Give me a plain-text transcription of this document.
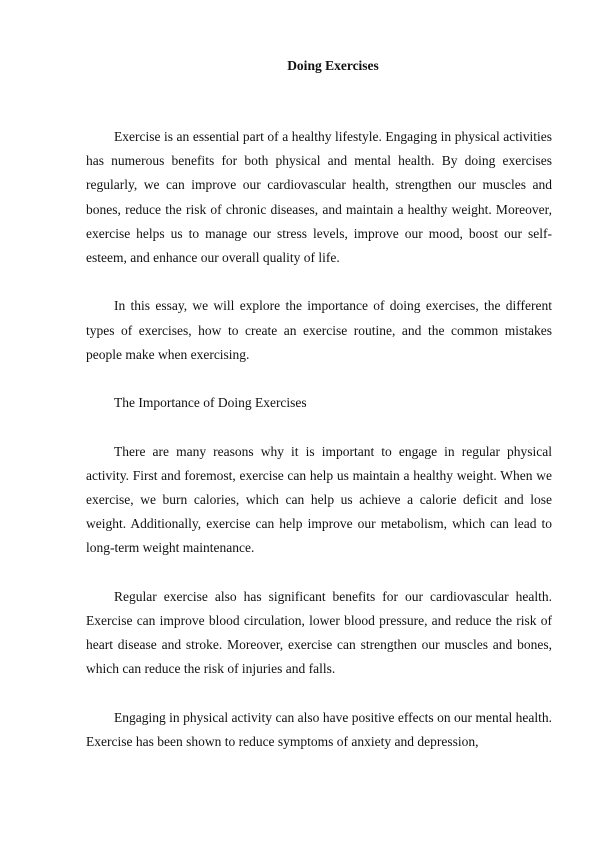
Doing Exercises

Exercise is an essential part of a healthy lifestyle. Engaging in physical activities has numerous benefits for both physical and mental health. By doing exercises regularly, we can improve our cardiovascular health, strengthen our muscles and bones, reduce the risk of chronic diseases, and maintain a healthy weight. Moreover, exercise helps us to manage our stress levels, improve our mood, boost our self-esteem, and enhance our overall quality of life.

In this essay, we will explore the importance of doing exercises, the different types of exercises, how to create an exercise routine, and the common mistakes people make when exercising.

The Importance of Doing Exercises

There are many reasons why it is important to engage in regular physical activity. First and foremost, exercise can help us maintain a healthy weight. When we exercise, we burn calories, which can help us achieve a calorie deficit and lose weight. Additionally, exercise can help improve our metabolism, which can lead to long-term weight maintenance.

Regular exercise also has significant benefits for our cardiovascular health. Exercise can improve blood circulation, lower blood pressure, and reduce the risk of heart disease and stroke. Moreover, exercise can strengthen our muscles and bones, which can reduce the risk of injuries and falls.

Engaging in physical activity can also have positive effects on our mental health. Exercise has been shown to reduce symptoms of anxiety and depression,
